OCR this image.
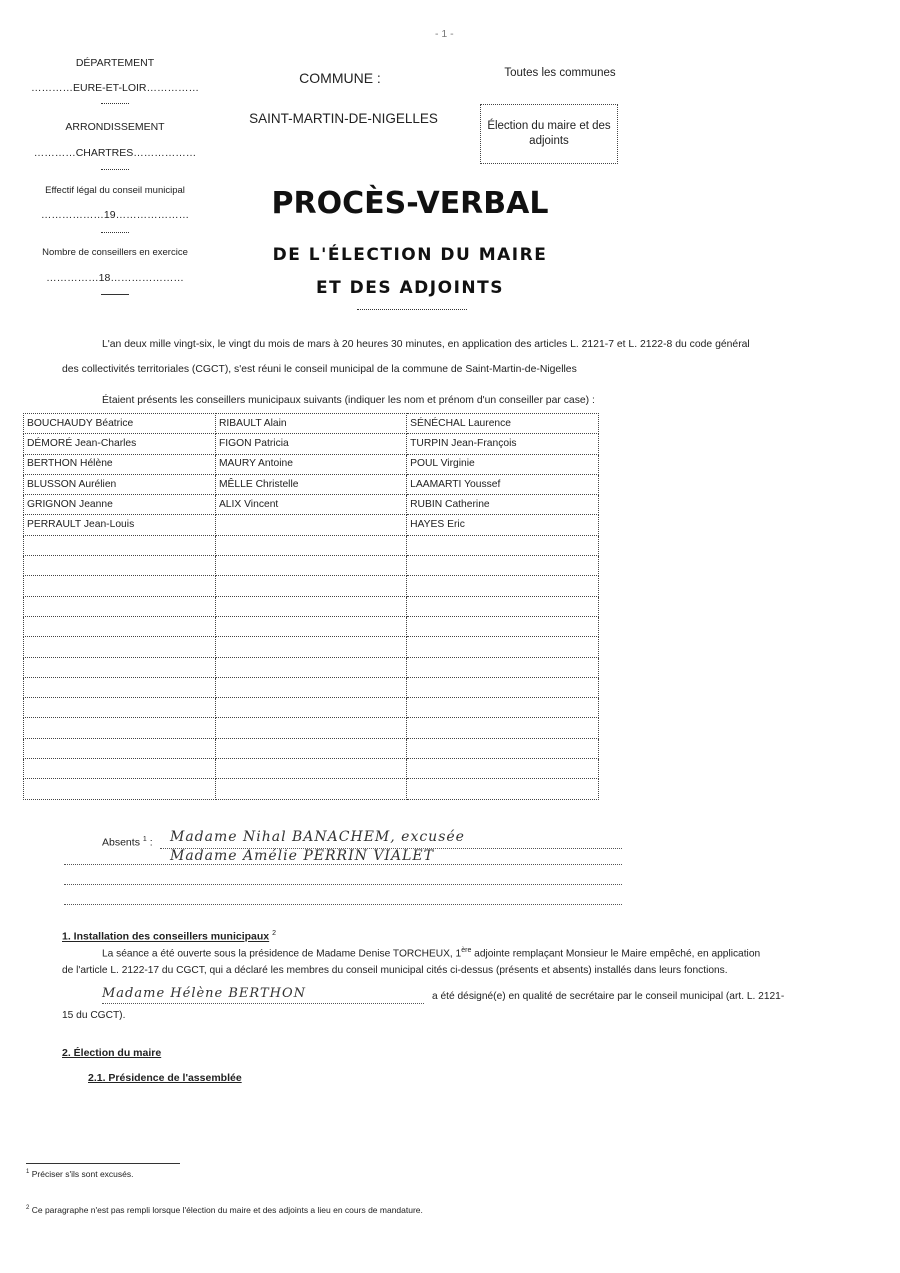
- 1 -
DÉPARTEMENT
…………EURE-ET-LOIR……………
ARRONDISSEMENT
…………CHARTRES………………
Effectif légal du conseil municipal
………………19…………………
Nombre de conseillers en exercice
……………18…………………
COMMUNE :
SAINT-MARTIN-DE-NIGELLES
Toutes les communes
Élection du maire et des adjoints
PROCÈS-VERBAL
DE L'ÉLECTION DU MAIRE
ET DES ADJOINTS
L'an deux mille vingt-six, le vingt du mois de mars à 20 heures 30 minutes, en application des articles L. 2121-7 et L. 2122-8 du code général
des collectivités territoriales (CGCT), s'est réuni le conseil municipal de la commune de Saint-Martin-de-Nigelles
Étaient présents les conseillers municipaux suivants (indiquer les nom et prénom d'un conseiller par case) :
BOUCHAUDY Béatrice	RIBAULT Alain	SÉNÉCHAL Laurence
DÉMORÉ Jean-Charles	FIGON Patricia	TURPIN Jean-François
BERTHON Hélène	MAURY Antoine	POUL Virginie
BLUSSON Aurélien	MÊLLE Christelle	LAAMARTI Youssef
GRIGNON Jeanne	ALIX Vincent	RUBIN Catherine
PERRAULT Jean-Louis		HAYES Eric

Absents $^1$ : Madame Nihal BANACHEM, excusée
Madame Amélie PERRIN VIALET
1. Installation des conseillers municipaux $^2$
La séance a été ouverte sous la présidence de Madame Denise TORCHEUX, 1ère adjointe remplaçant Monsieur le Maire empêché, en application
de l'article L. 2122-17 du CGCT, qui a déclaré les membres du conseil municipal cités ci-dessus (présents et absents) installés dans leurs fonctions.
Madame Hélène BERTHON	a été désigné(e) en qualité de secrétaire par le conseil municipal (art. L. 2121-
15 du CGCT).
2. Élection du maire
2.1. Présidence de l'assemblée
$^1$ Préciser s'ils sont excusés.
$^2$ Ce paragraphe n'est pas rempli lorsque l'élection du maire et des adjoints a lieu en cours de mandature.
